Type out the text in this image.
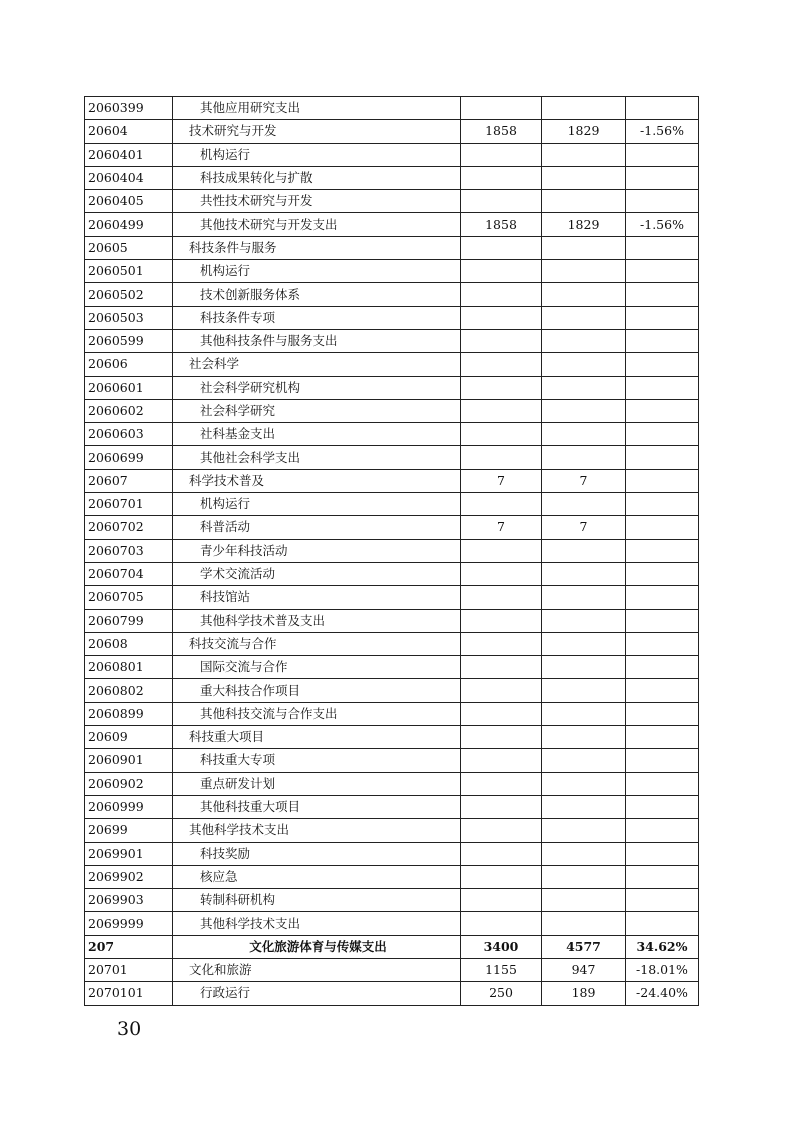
2060399	其他应用研究支出			
20604	技术研究与开发	1858	1829	-1.56%
2060401	机构运行			
2060404	科技成果转化与扩散			
2060405	共性技术研究与开发			
2060499	其他技术研究与开发支出	1858	1829	-1.56%
20605	科技条件与服务			
2060501	机构运行			
2060502	技术创新服务体系			
2060503	科技条件专项			
2060599	其他科技条件与服务支出			
20606	社会科学			
2060601	社会科学研究机构			
2060602	社会科学研究			
2060603	社科基金支出			
2060699	其他社会科学支出			
20607	科学技术普及	7	7	
2060701	机构运行			
2060702	科普活动	7	7	
2060703	青少年科技活动			
2060704	学术交流活动			
2060705	科技馆站			
2060799	其他科学技术普及支出			
20608	科技交流与合作			
2060801	国际交流与合作			
2060802	重大科技合作项目			
2060899	其他科技交流与合作支出			
20609	科技重大项目			
2060901	科技重大专项			
2060902	重点研发计划			
2060999	其他科技重大项目			
20699	其他科学技术支出			
2069901	科技奖励			
2069902	核应急			
2069903	转制科研机构			
2069999	其他科学技术支出			
207	文化旅游体育与传媒支出	3400	4577	34.62%
20701	文化和旅游	1155	947	-18.01%
2070101	行政运行	250	189	-24.40%
30
